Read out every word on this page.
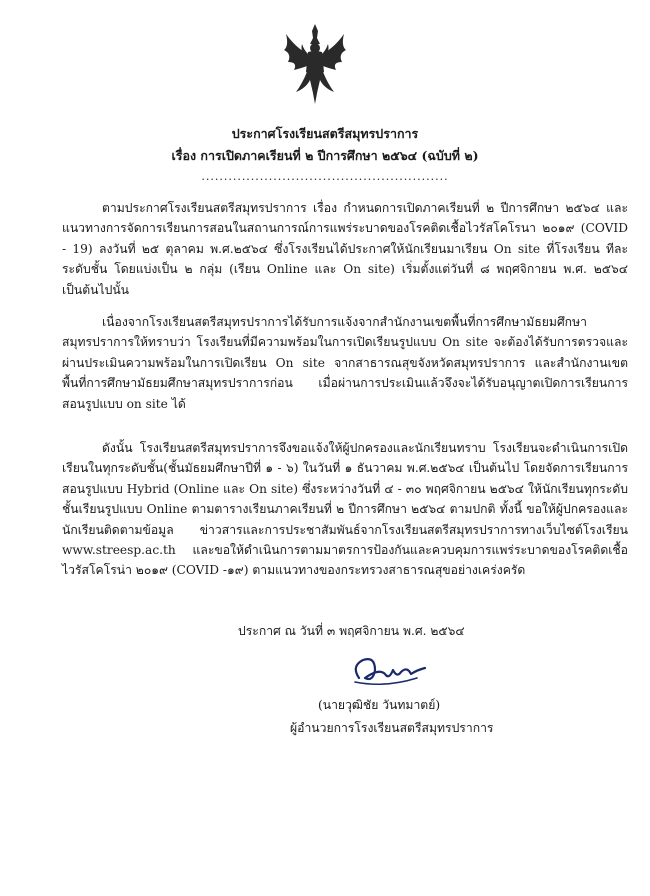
ประกาศโรงเรียนสตรีสมุทรปราการ
เรื่อง การเปิดภาคเรียนที่ ๒ ปีการศึกษา ๒๕๖๔ (ฉบับที่ ๒)
.......................................................
ตามประกาศโรงเรียนสตรีสมุทรปราการ เรื่อง กำหนดการเปิดภาคเรียนที่ ๒ ปีการศึกษา ๒๕๖๔ และแนวทางการจัดการเรียนการสอนในสถานการณ์การแพร่ระบาดของโรคติดเชื้อไวรัสโคโรนา ๒๐๑๙ (COVID - 19) ลงวันที่ ๒๕ ตุลาคม พ.ศ.๒๕๖๔ ซึ่งโรงเรียนได้ประกาศให้นักเรียนมาเรียน On site ที่โรงเรียน ทีละระดับชั้น โดยแบ่งเป็น ๒ กลุ่ม (เรียน Online และ On site) เริ่มตั้งแต่วันที่ ๘ พฤศจิกายน พ.ศ. ๒๕๖๔ เป็นต้นไปนั้น
เนื่องจากโรงเรียนสตรีสมุทรปราการได้รับการแจ้งจากสำนักงานเขตพื้นที่การศึกษามัธยมศึกษาสมุทรปราการให้ทราบว่า โรงเรียนที่มีความพร้อมในการเปิดเรียนรูปแบบ On site จะต้องได้รับการตรวจและผ่านประเมินความพร้อมในการเปิดเรียน On site จากสาธารณสุขจังหวัดสมุทรปราการ และสำนักงานเขตพื้นที่การศึกษามัธยมศึกษาสมุทรปราการก่อน เมื่อผ่านการประเมินแล้วจึงจะได้รับอนุญาตเปิดการเรียนการสอนรูปแบบ on site ได้
ดังนั้น โรงเรียนสตรีสมุทรปราการจึงขอแจ้งให้ผู้ปกครองและนักเรียนทราบ โรงเรียนจะดำเนินการเปิดเรียนในทุกระดับชั้น(ชั้นมัธยมศึกษาปีที่ ๑ - ๖) ในวันที่ ๑ ธันวาคม พ.ศ.๒๕๖๔ เป็นต้นไป โดยจัดการเรียนการสอนรูปแบบ Hybrid (Online และ On site) ซึ่งระหว่างวันที่ ๔ - ๓๐ พฤศจิกายน ๒๕๖๔ ให้นักเรียนทุกระดับชั้นเรียนรูปแบบ Online ตามตารางเรียนภาคเรียนที่ ๒ ปีการศึกษา ๒๕๖๔ ตามปกติ ทั้งนี้ ขอให้ผู้ปกครองและนักเรียนติดตามข้อมูล ข่าวสารและการประชาสัมพันธ์จากโรงเรียนสตรีสมุทรปราการทางเว็บไซต์โรงเรียน www.streesp.ac.th และขอให้ดำเนินการตามมาตรการป้องกันและควบคุมการแพร่ระบาดของโรคติดเชื้อไวรัสโคโรน่า ๒๐๑๙ (COVID -๑๙) ตามแนวทางของกระทรวงสาธารณสุขอย่างเคร่งครัด
ประกาศ ณ วันที่ ๓ พฤศจิกายน พ.ศ. ๒๕๖๔
(นายวุฒิชัย วันทมาตย์)
ผู้อำนวยการโรงเรียนสตรีสมุทรปราการ
